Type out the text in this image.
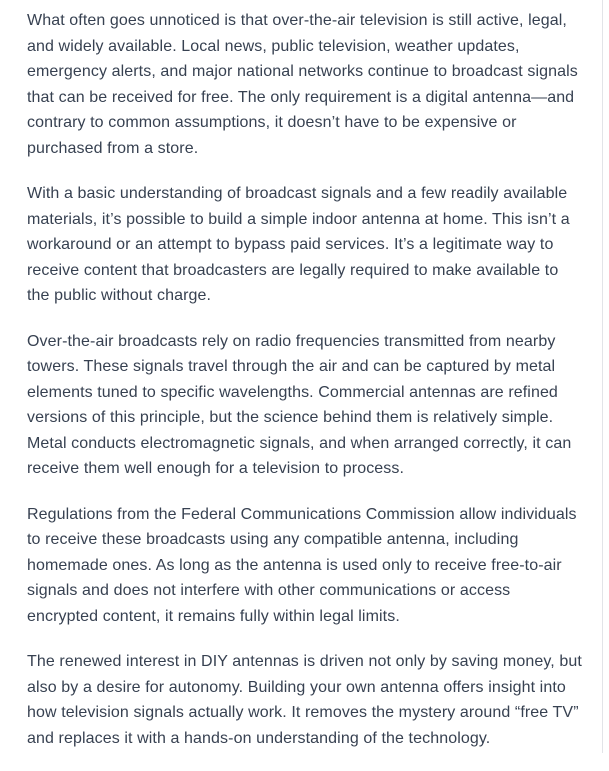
What often goes unnoticed is that over-the-air television is still active, legal, and widely available. Local news, public television, weather updates, emergency alerts, and major national networks continue to broadcast signals that can be received for free. The only requirement is a digital antenna—and contrary to common assumptions, it doesn’t have to be expensive or purchased from a store.

With a basic understanding of broadcast signals and a few readily available materials, it’s possible to build a simple indoor antenna at home. This isn’t a workaround or an attempt to bypass paid services. It’s a legitimate way to receive content that broadcasters are legally required to make available to the public without charge.

Over-the-air broadcasts rely on radio frequencies transmitted from nearby towers. These signals travel through the air and can be captured by metal elements tuned to specific wavelengths. Commercial antennas are refined versions of this principle, but the science behind them is relatively simple. Metal conducts electromagnetic signals, and when arranged correctly, it can receive them well enough for a television to process.

Regulations from the Federal Communications Commission allow individuals to receive these broadcasts using any compatible antenna, including homemade ones. As long as the antenna is used only to receive free-to-air signals and does not interfere with other communications or access encrypted content, it remains fully within legal limits.

The renewed interest in DIY antennas is driven not only by saving money, but also by a desire for autonomy. Building your own antenna offers insight into how television signals actually work. It removes the mystery around “free TV” and replaces it with a hands-on understanding of the technology.
